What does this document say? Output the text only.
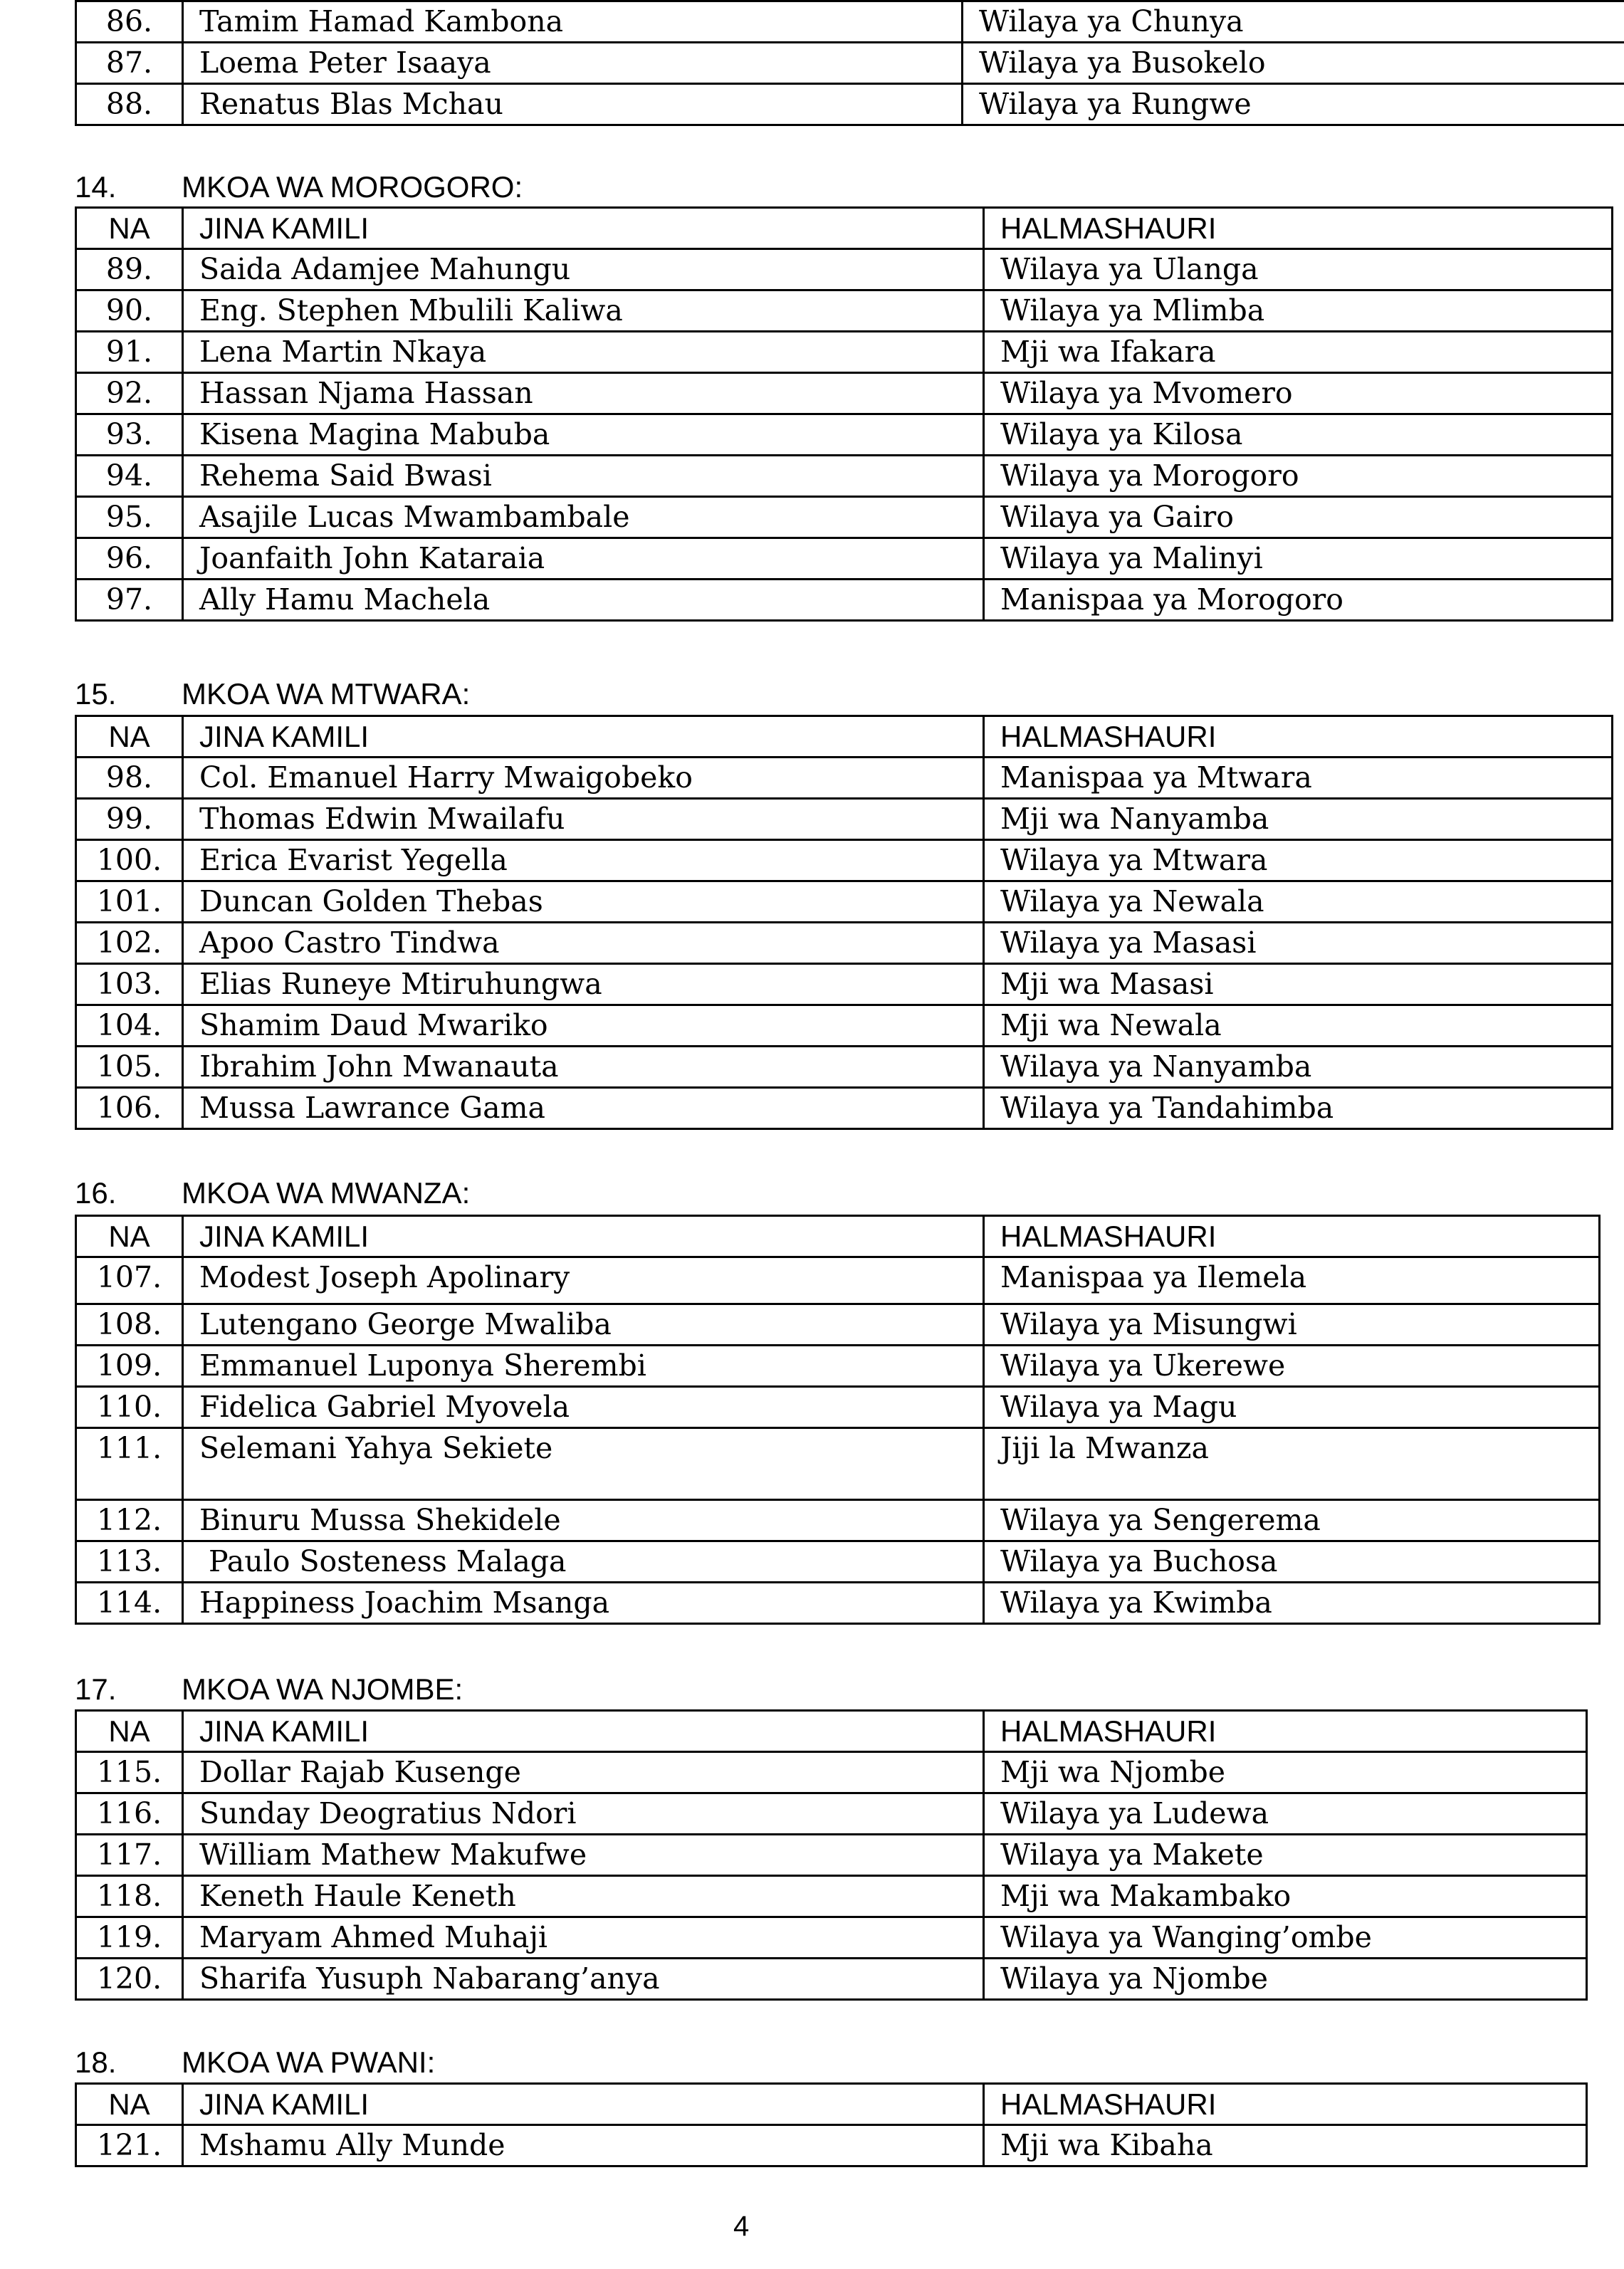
86.	Tamim Hamad Kambona	Wilaya ya Chunya
87.	Loema Peter Isaaya	Wilaya ya Busokelo
88.	Renatus Blas Mchau	Wilaya ya Rungwe
14. MKOA WA MOROGORO:
NA	JINA KAMILI	HALMASHAURI
89.	Saida Adamjee Mahungu	Wilaya ya Ulanga
90.	Eng. Stephen Mbulili Kaliwa	Wilaya ya Mlimba
91.	Lena Martin Nkaya	Mji wa Ifakara
92.	Hassan Njama Hassan	Wilaya ya Mvomero
93.	Kisena Magina Mabuba	Wilaya ya Kilosa
94.	Rehema Said Bwasi	Wilaya ya Morogoro
95.	Asajile Lucas Mwambambale	Wilaya ya Gairo
96.	Joanfaith John Kataraia	Wilaya ya Malinyi
97.	Ally Hamu Machela	Manispaa ya Morogoro
15. MKOA WA MTWARA:
NA	JINA KAMILI	HALMASHAURI
98.	Col. Emanuel Harry Mwaigobeko	Manispaa ya Mtwara
99.	Thomas Edwin Mwailafu	Mji wa Nanyamba
100.	Erica Evarist Yegella	Wilaya ya Mtwara
101.	Duncan Golden Thebas	Wilaya ya Newala
102.	Apoo Castro Tindwa	Wilaya ya Masasi
103.	Elias Runeye Mtiruhungwa	Mji wa Masasi
104.	Shamim Daud Mwariko	Mji wa Newala
105.	Ibrahim John Mwanauta	Wilaya ya Nanyamba
106.	Mussa Lawrance Gama	Wilaya ya Tandahimba
16. MKOA WA MWANZA:
NA	JINA KAMILI	HALMASHAURI
107.	Modest Joseph Apolinary	Manispaa ya Ilemela
108.	Lutengano George Mwaliba	Wilaya ya Misungwi
109.	Emmanuel Luponya Sherembi	Wilaya ya Ukerewe
110.	Fidelica Gabriel Myovela	Wilaya ya Magu
111.	Selemani Yahya Sekiete	Jiji la Mwanza
112.	Binuru Mussa Shekidele	Wilaya ya Sengerema
113.	Paulo Sosteness Malaga	Wilaya ya Buchosa
114.	Happiness Joachim Msanga	Wilaya ya Kwimba
17. MKOA WA NJOMBE:
NA	JINA KAMILI	HALMASHAURI
115.	Dollar Rajab Kusenge	Mji wa Njombe
116.	Sunday Deogratius Ndori	Wilaya ya Ludewa
117.	William Mathew Makufwe	Wilaya ya Makete
118.	Keneth Haule Keneth	Mji wa Makambako
119.	Maryam Ahmed Muhaji	Wilaya ya Wanging’ombe
120.	Sharifa Yusuph Nabarang’anya	Wilaya ya Njombe
18. MKOA WA PWANI:
NA	JINA KAMILI	HALMASHAURI
121.	Mshamu Ally Munde	Mji wa Kibaha
4
